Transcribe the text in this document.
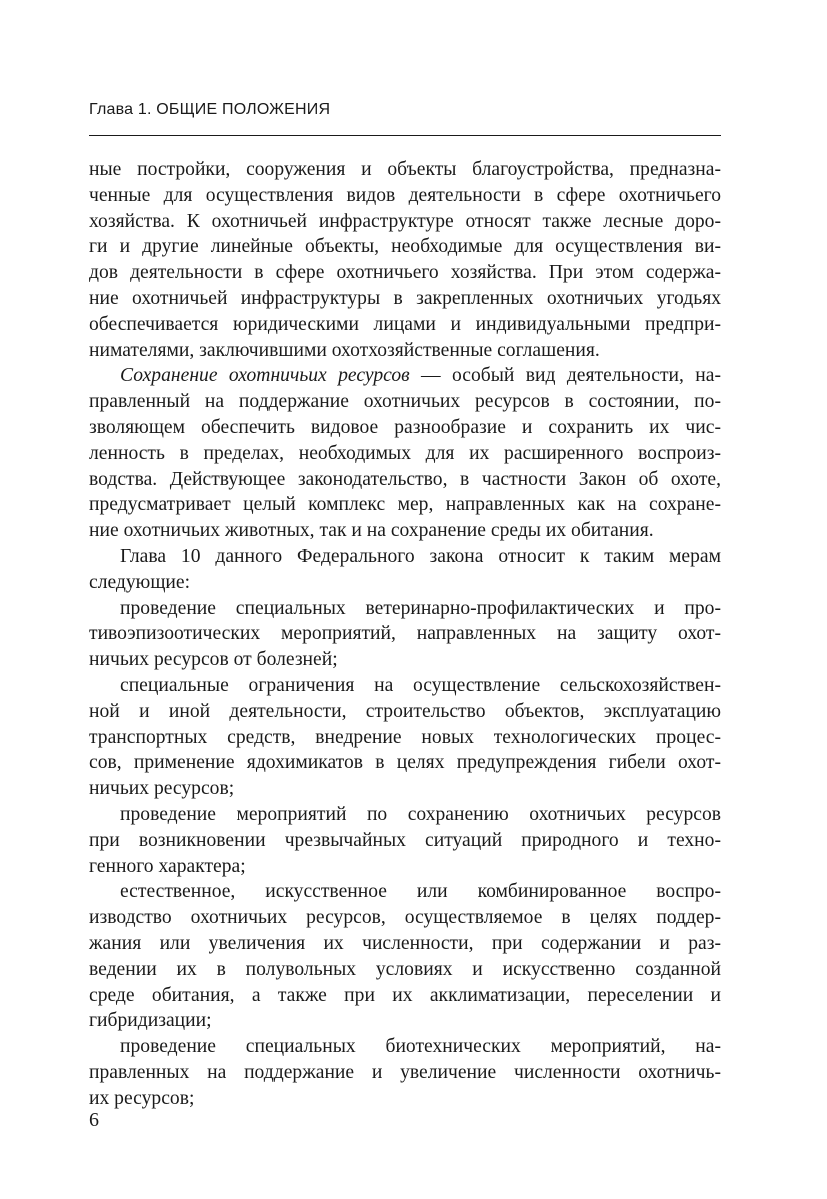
Глава 1. ОБЩИЕ ПОЛОЖЕНИЯ

ные постройки, сооружения и объекты благоустройства, предназна-

ченные для осуществления видов деятельности в сфере охотничьего

хозяйства. К охотничьей инфраструктуре относят также лесные доро-

ги и другие линейные объекты, необходимые для осуществления ви-

дов деятельности в сфере охотничьего хозяйства. При этом содержа-

ние охотничьей инфраструктуры в закрепленных охотничьих угодьях

обеспечивается юридическими лицами и индивидуальными предпри-

нимателями, заключившими охотхозяйственные соглашения.

Сохранение охотничьих ресурсов — особый вид деятельности, на-

правленный на поддержание охотничьих ресурсов в состоянии, по-

зволяющем обеспечить видовое разнообразие и сохранить их чис-

ленность в пределах, необходимых для их расширенного воспроиз-

водства. Действующее законодательство, в частности Закон об охоте,

предусматривает целый комплекс мер, направленных как на сохране-

ние охотничьих животных, так и на сохранение среды их обитания.

Глава 10 данного Федерального закона относит к таким мерам

следующие:

проведение специальных ветеринарно-профилактических и про-

тивоэпизоотических мероприятий, направленных на защиту охот-

ничьих ресурсов от болезней;

специальные ограничения на осуществление сельскохозяйствен-

ной и иной деятельности, строительство объектов, эксплуатацию

транспортных средств, внедрение новых технологических процес-

сов, применение ядохимикатов в целях предупреждения гибели охот-

ничьих ресурсов;

проведение мероприятий по сохранению охотничьих ресурсов

при возникновении чрезвычайных ситуаций природного и техно-

генного характера;

естественное, искусственное или комбинированное воспро-

изводство охотничьих ресурсов, осуществляемое в целях поддер-

жания или увеличения их численности, при содержании и раз-

ведении их в полувольных условиях и искусственно созданной

среде обитания, а также при их акклиматизации, переселении и

гибридизации;

проведение специальных биотехнических мероприятий, на-

правленных на поддержание и увеличение численности охотничь-

их ресурсов;

6
